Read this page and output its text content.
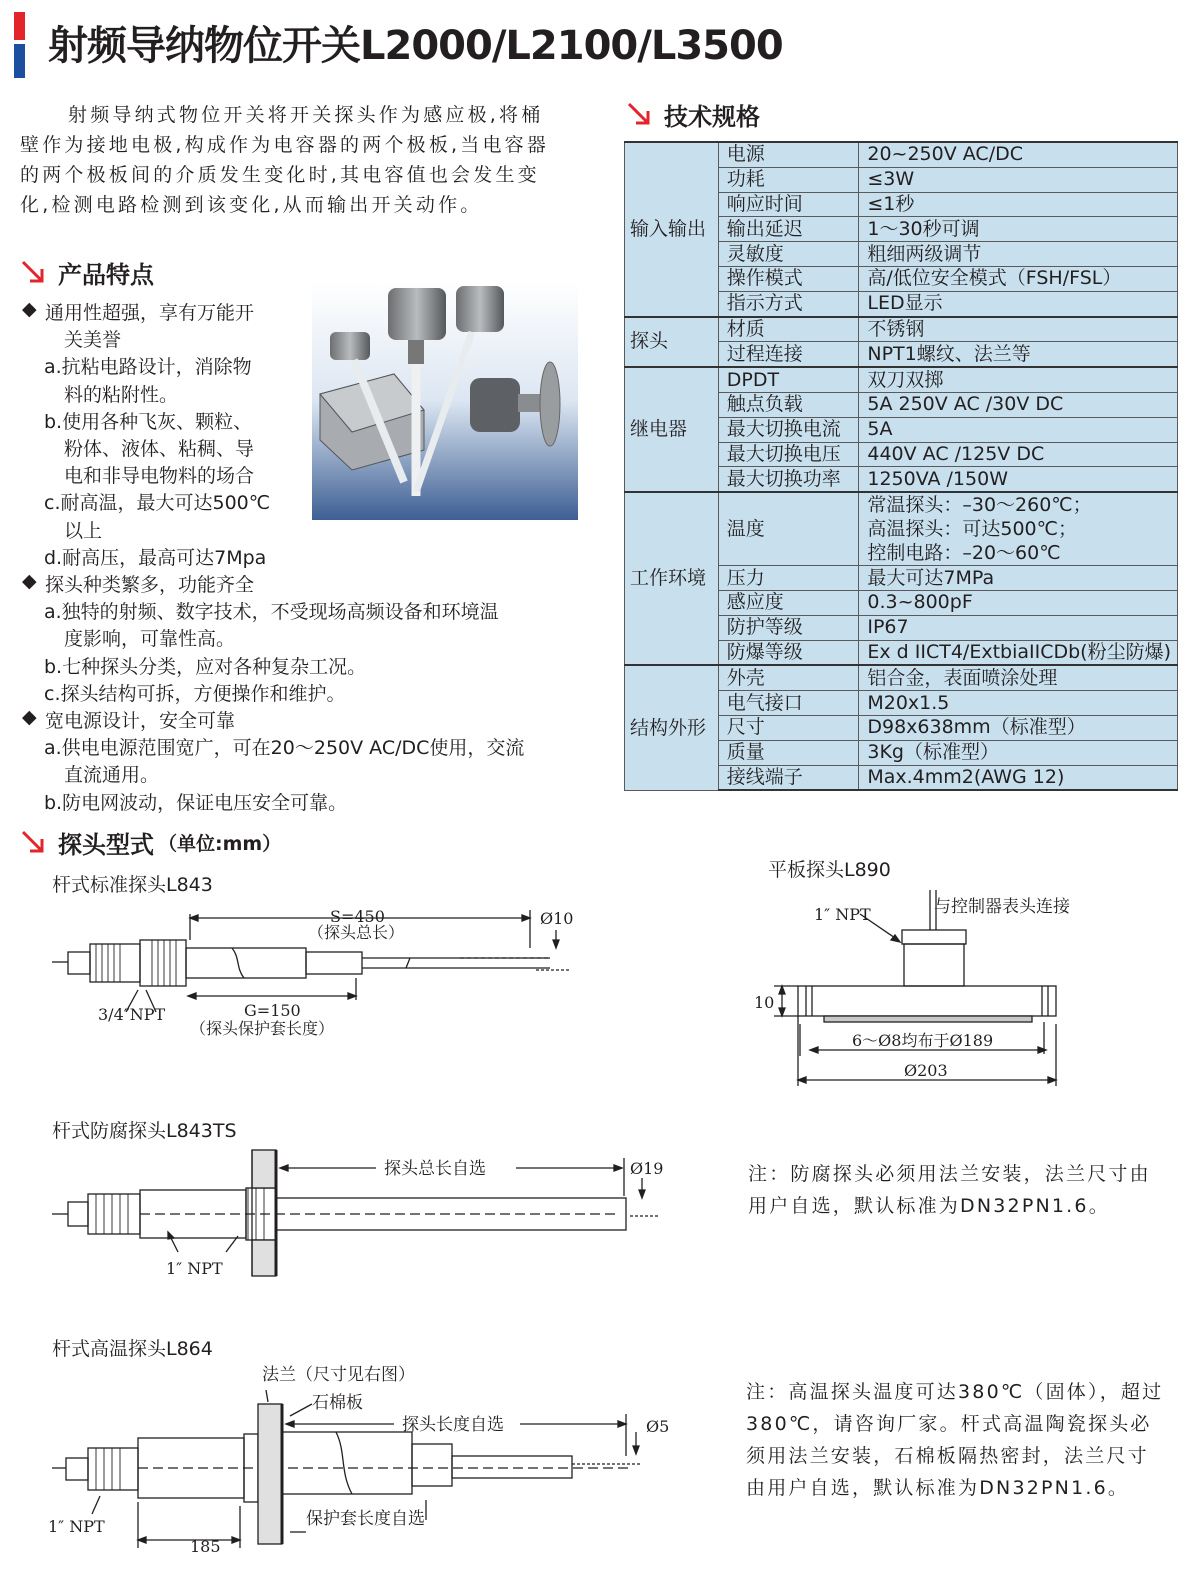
射频导纳物位开关L2000/L2100/L3500

射频导纳式物位开关将开关探头作为感应极,将桶壁作为接地电极,构成作为电容器的两个极板,当电容器的两个极板间的介质发生变化时,其电容值也会发生变化,检测电路检测到该变化,从而输出开关动作。

产品特点
◆ 通用性超强，享有万能开
关美誉
a.抗粘电路设计，消除物
料的粘附性。
b.使用各种飞灰、颗粒、
粉体、液体、粘稠、导
电和非导电物料的场合
c.耐高温，最大可达500℃
以上
d.耐高压，最高可达7Mpa
◆ 探头种类繁多，功能齐全
a.独特的射频、数字技术，不受现场高频设备和环境温
度影响，可靠性高。
b.七种探头分类，应对各种复杂工况。
c.探头结构可拆，方便操作和维护。
◆ 宽电源设计，安全可靠
a.供电电源范围宽广，可在20～250V AC/DC使用，交流
直流通用。
b.防电网波动，保证电压安全可靠。
技术规格
输入输出	电源	20~250V AC/DC

	功耗	≤3W

	响应时间	≤1秒

	输出延迟	1～30秒可调

	灵敏度	粗细两级调节

	操作模式	高/低位安全模式（FSH/FSL）

	指示方式	LED显示

探头	材质	不锈钢

	过程连接	NPT1螺纹、法兰等

继电器	DPDT	双刀双掷

	触点负载	5A 250V AC /30V DC

	最大切换电流	5A

	最大切换电压	440V AC /125V DC

	最大切换功率	1250VA /150W

工作环境	温度	常温探头：–30～260℃；
高温探头：可达500℃；
控制电路：–20～60℃

	压力	最大可达7MPa

	感应度	0.3~800pF

	防护等级	IP67

	防爆等级	Ex d IICT4/ExtbiaIICDb(粉尘防爆)

结构外形	外壳	铝合金，表面喷涂处理

	电气接口	M20x1.5

	尺寸	D98x638mm（标准型）

	质量	3Kg（标准型）

	接线端子	Max.4mm2(AWG 12)
探头型式 （单位:mm）
杆式标准探头L843
平板探头L890
杆式防腐探头L843TS
杆式高温探头L864
注：防腐探头必须用法兰安装，法兰尺寸由用户自选，默认标准为DN32PN1.6。
注：高温探头温度可达380℃（固体），超过380℃，请咨询厂家。杆式高温陶瓷探头必须用法兰安装，石棉板隔热密封，法兰尺寸由用户自选，默认标准为DN32PN1.6。
S=450
（探头总长）
Ø10
3/4″NPT	G=150
（探头保护套长度）
1″ NPT	与控制器表头连接
10
6～Ø8均布于Ø189
Ø203
探头总长自选	Ø19
1″ NPT
法兰（尺寸见右图）
石棉板
探头长度自选	Ø5
1″ NPT	保护套长度自选
185
